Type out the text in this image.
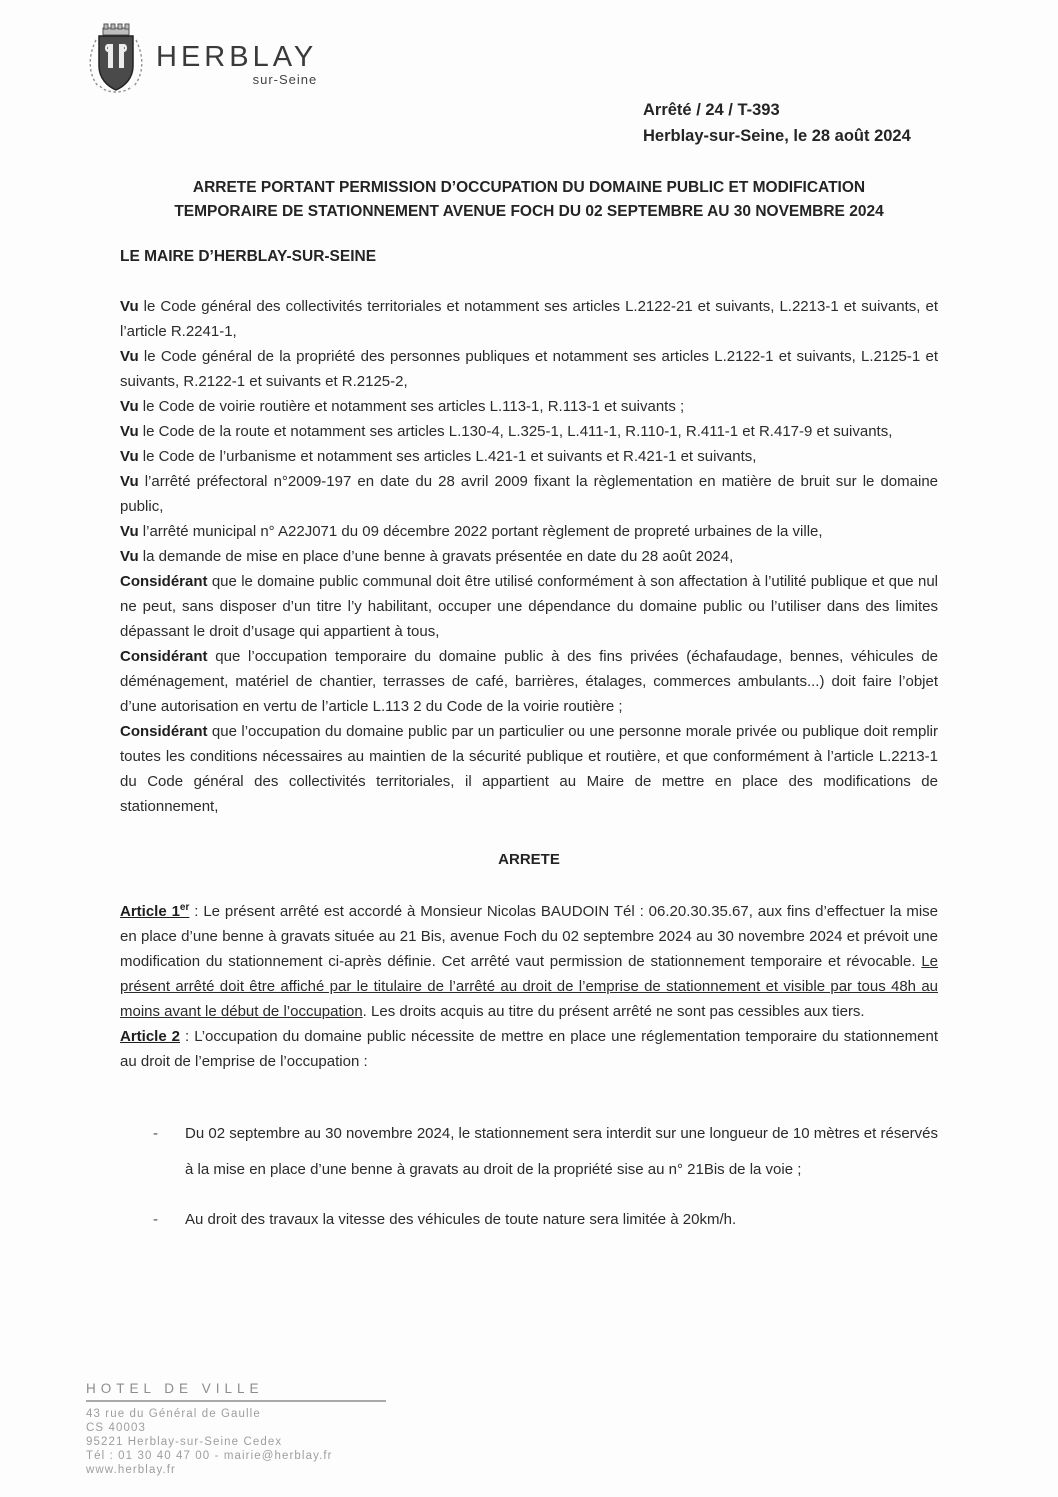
HERBLAY
sur-Seine
Arrêté / 24 / T-393
Herblay-sur-Seine, le 28 août 2024
ARRETE PORTANT PERMISSION D’OCCUPATION DU DOMAINE PUBLIC ET MODIFICATION
TEMPORAIRE DE STATIONNEMENT AVENUE FOCH DU 02 SEPTEMBRE AU 30 NOVEMBRE 2024
LE MAIRE D’HERBLAY-SUR-SEINE

Vu le Code général des collectivités territoriales et notamment ses articles L.2122-21 et suivants, L.2213-1 et suivants, et l’article R.2241-1,

Vu le Code général de la propriété des personnes publiques et notamment ses articles L.2122-1 et suivants, L.2125-1 et suivants, R.2122-1 et suivants et R.2125-2,

Vu le Code de voirie routière et notamment ses articles L.113-1, R.113-1 et suivants ;

Vu le Code de la route et notamment ses articles L.130-4, L.325-1, L.411-1, R.110-1, R.411-1 et R.417-9 et suivants,

Vu le Code de l’urbanisme et notamment ses articles L.421-1 et suivants et R.421-1 et suivants,

Vu l’arrêté préfectoral n°2009-197 en date du 28 avril 2009 fixant la règlementation en matière de bruit sur le domaine public,

Vu l’arrêté municipal n° A22J071 du 09 décembre 2022 portant règlement de propreté urbaines de la ville,

Vu la demande de mise en place d’une benne à gravats présentée en date du 28 août 2024,

Considérant que le domaine public communal doit être utilisé conformément à son affectation à l’utilité publique et que nul ne peut, sans disposer d’un titre l’y habilitant, occuper une dépendance du domaine public ou l’utiliser dans des limites dépassant le droit d’usage qui appartient à tous,

Considérant que l’occupation temporaire du domaine public à des fins privées (échafaudage, bennes, véhicules de déménagement, matériel de chantier, terrasses de café, barrières, étalages, commerces ambulants...) doit faire l’objet d’une autorisation en vertu de l’article L.113 2 du Code de la voirie routière ;

Considérant que l’occupation du domaine public par un particulier ou une personne morale privée ou publique doit remplir toutes les conditions nécessaires au maintien de la sécurité publique et routière, et que conformément à l’article L.2213-1 du Code général des collectivités territoriales, il appartient au Maire de mettre en place des modifications de stationnement,

ARRETE

Article 1er : Le présent arrêté est accordé à Monsieur Nicolas BAUDOIN Tél : 06.20.30.35.67, aux fins d’effectuer la mise en place d’une benne à gravats située au 21 Bis, avenue Foch du 02 septembre 2024 au 30 novembre 2024 et prévoit une modification du stationnement ci-après définie. Cet arrêté vaut permission de stationnement temporaire et révocable. Le présent arrêté doit être affiché par le titulaire de l’arrêté au droit de l’emprise de stationnement et visible par tous 48h au moins avant le début de l’occupation. Les droits acquis au titre du présent arrêté ne sont pas cessibles aux tiers.

Article 2 : L’occupation du domaine public nécessite de mettre en place une réglementation temporaire du stationnement au droit de l’emprise de l’occupation :

-	Du 02 septembre au 30 novembre 2024, le stationnement sera interdit sur une longueur de 10 mètres et réservés à la mise en place d’une benne à gravats au droit de la propriété sise au n° 21Bis de la voie ;
-	Au droit des travaux la vitesse des véhicules de toute nature sera limitée à 20km/h.
HOTEL DE VILLE
43 rue du Général de Gaulle
CS 40003
95221 Herblay-sur-Seine Cedex
Tél : 01 30 40 47 00 - mairie@herblay.fr
www.herblay.fr
